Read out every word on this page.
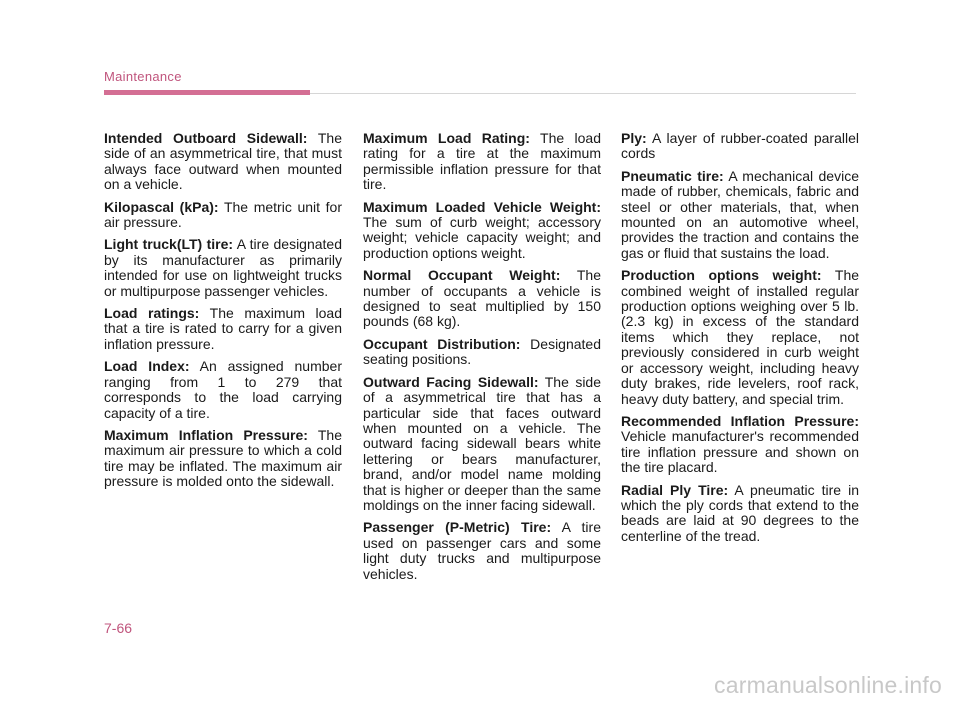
Maintenance

Intended Outboard Sidewall: The side of an asymmetrical tire, that must always face outward when mounted on a vehicle.

Kilopascal (kPa): The metric unit for air pressure.

Light truck(LT) tire: A tire designated by its manufacturer as primarily intended for use on lightweight trucks or multipurpose passenger vehicles.

Load ratings: The maximum load that a tire is rated to carry for a given inflation pressure.

Load Index: An assigned number ranging from 1 to 279 that corresponds to the load carrying capacity of a tire.

Maximum Inflation Pressure: The maximum air pressure to which a cold tire may be inflated. The maximum air pressure is molded onto the sidewall.

Maximum Load Rating: The load rating for a tire at the maximum permissible inflation pressure for that tire.

Maximum Loaded Vehicle Weight: The sum of curb weight; accessory weight; vehicle capacity weight; and production options weight.

Normal Occupant Weight: The number of occupants a vehicle is designed to seat multiplied by 150 pounds (68 kg).

Occupant Distribution: Designated seating positions.

Outward Facing Sidewall: The side of a asymmetrical tire that has a particular side that faces outward when mounted on a vehicle. The outward facing sidewall bears white lettering or bears manufacturer, brand, and/or model name molding that is higher or deeper than the same moldings on the inner facing sidewall.

Passenger (P-Metric) Tire: A tire used on passenger cars and some light duty trucks and multipurpose vehicles.

Ply: A layer of rubber-coated parallel cords

Pneumatic tire: A mechanical device made of rubber, chemicals, fabric and steel or other materials, that, when mounted on an automotive wheel, provides the traction and contains the gas or fluid that sustains the load.

Production options weight: The combined weight of installed regular production options weighing over 5 lb.(2.3 kg) in excess of the standard items which they replace, not previously considered in curb weight or accessory weight, including heavy duty brakes, ride levelers, roof rack, heavy duty battery, and special trim.

Recommended Inflation Pressure: Vehicle manufacturer's recommended tire inflation pressure and shown on the tire placard.

Radial Ply Tire: A pneumatic tire in which the ply cords that extend to the beads are laid at 90 degrees to the centerline of the tread.

7-66
carmanualsonline.info
